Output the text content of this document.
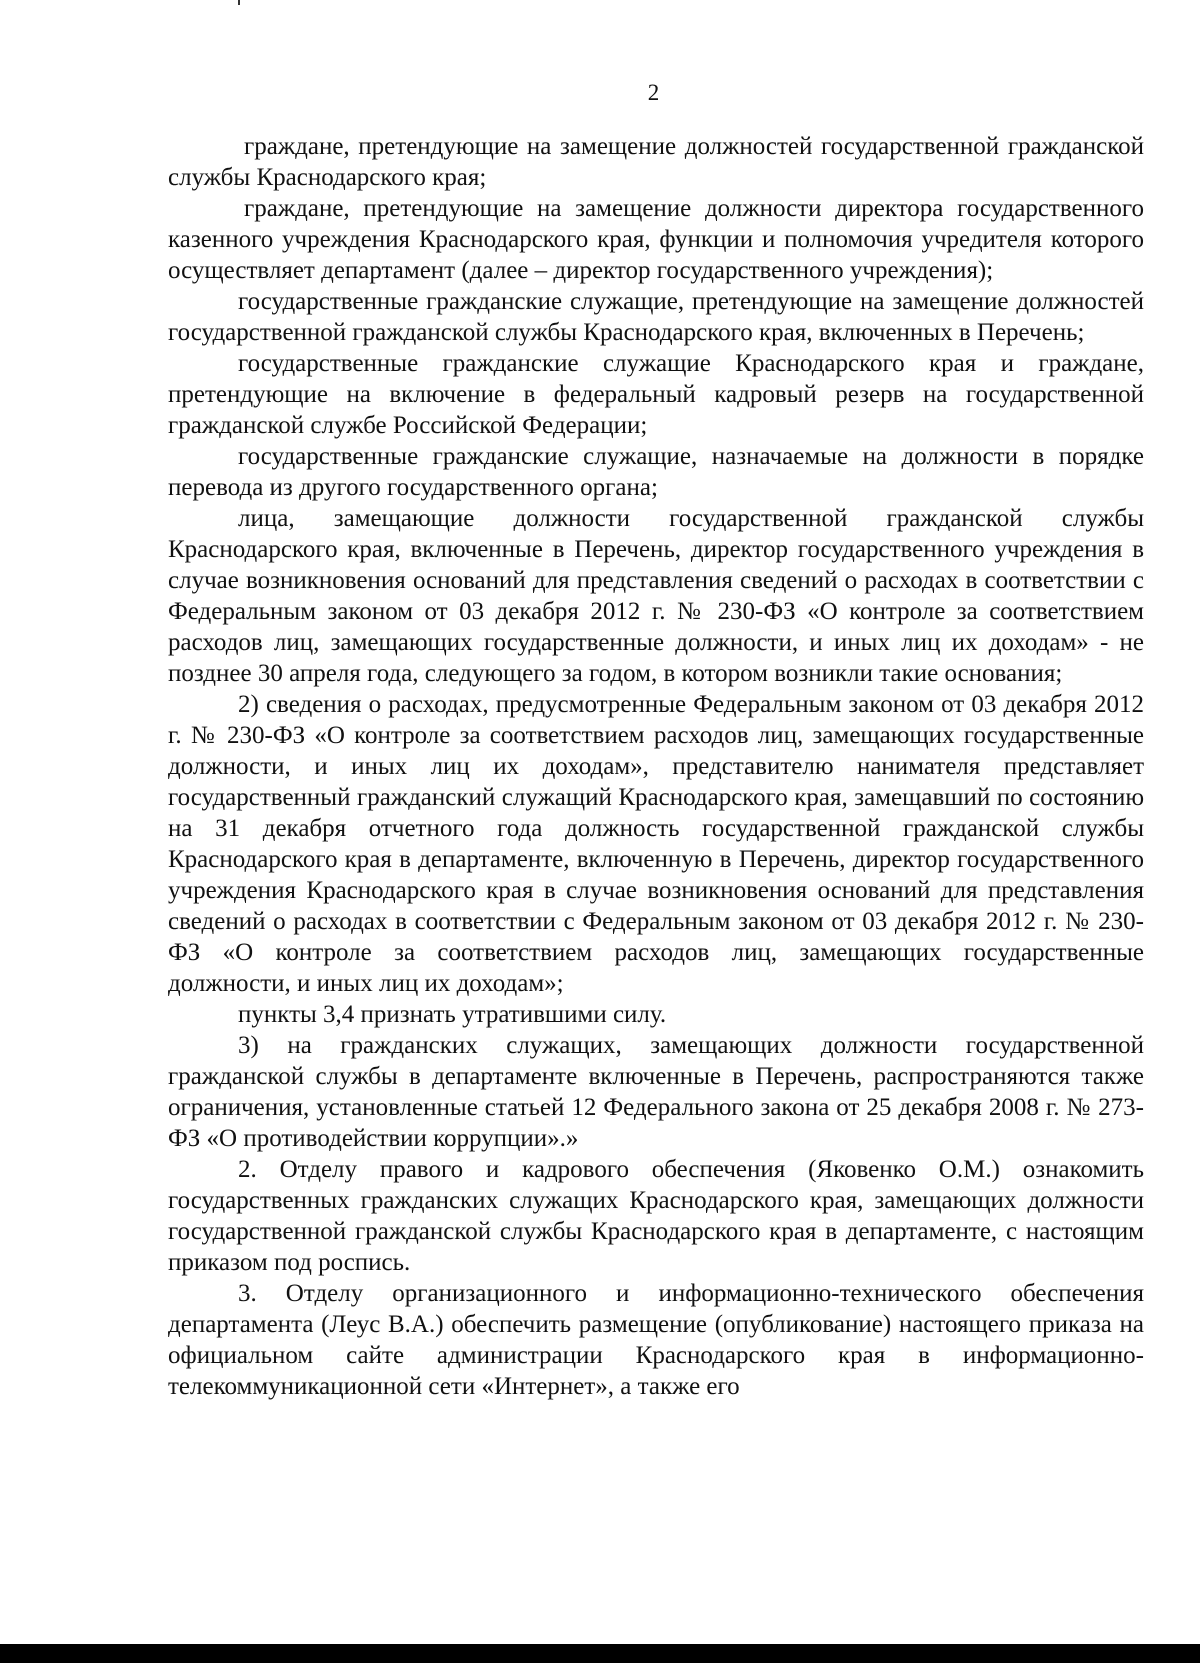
2

граждане, претендующие на замещение должностей государственной гражданской службы Краснодарского края;

граждане, претендующие на замещение должности директора государственного казенного учреждения Краснодарского края, функции и полномочия учредителя которого осуществляет департамент (далее – директор государственного учреждения);

государственные гражданские служащие, претендующие на замещение должностей государственной гражданской службы Краснодарского края, включенных в Перечень;

государственные гражданские служащие Краснодарского края и граждане, претендующие на включение в федеральный кадровый резерв на государственной гражданской службе Российской Федерации;

государственные гражданские служащие, назначаемые на должности в порядке перевода из другого государственного органа;

лица, замещающие должности государственной гражданской службы Краснодарского края, включенные в Перечень, директор государственного учреждения в случае возникновения оснований для представления сведений о расходах в соответствии с Федеральным законом от 03 декабря 2012 г. № 230-ФЗ «О контроле за соответствием расходов лиц, замещающих государственные должности, и иных лиц их доходам» - не позднее 30 апреля года, следующего за годом, в котором возникли такие основания;

2) сведения о расходах, предусмотренные Федеральным законом от 03 декабря 2012 г. № 230-ФЗ «О контроле за соответствием расходов лиц, замещающих государственные должности, и иных лиц их доходам», представителю нанимателя представляет государственный гражданский служащий Краснодарского края, замещавший по состоянию на 31 декабря отчетного года должность государственной гражданской службы Краснодарского края в департаменте, включенную в Перечень, директор государственного учреждения Краснодарского края в случае возникновения оснований для представления сведений о расходах в соответствии с Федеральным законом от 03 декабря 2012 г. № 230-ФЗ «О контроле за соответствием расходов лиц, замещающих государственные должности, и иных лиц их доходам»;

пункты 3,4 признать утратившими силу.

3) на гражданских служащих, замещающих должности государственной гражданской службы в департаменте включенные в Перечень, распространяются также ограничения, установленные статьей 12 Федерального закона от 25 декабря 2008 г. № 273-ФЗ «О противодействии коррупции».»

2. Отделу правого и кадрового обеспечения (Яковенко О.М.) ознакомить государственных гражданских служащих Краснодарского края, замещающих должности государственной гражданской службы Краснодарского края в департаменте, с настоящим приказом под роспись.

3. Отделу организационного и информационно-технического обеспечения департамента (Леус В.А.) обеспечить размещение (опубликование) настоящего приказа на официальном сайте администрации Краснодарского края в информационно-телекоммуникационной сети «Интернет», а также его
